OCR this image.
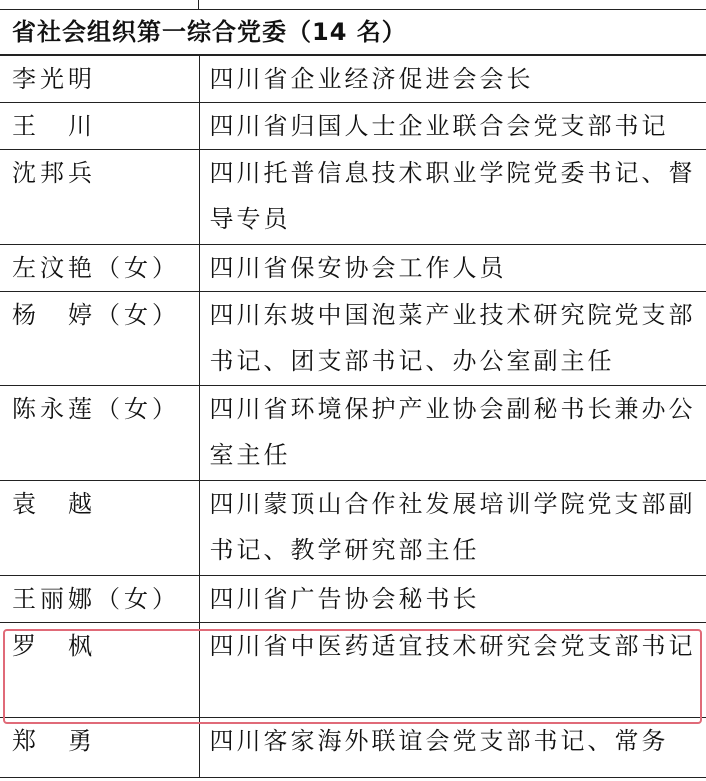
省社会组织第一综合党委（14 名）
李光明	四川省企业经济促进会会长
王　川	四川省归国人士企业联合会党支部书记
沈邦兵	四川托普信息技术职业学院党委书记、督导专员
左汶艳（女）	四川省保安协会工作人员
杨　婷（女）	四川东坡中国泡菜产业技术研究院党支部书记、团支部书记、办公室副主任
陈永莲（女）	四川省环境保护产业协会副秘书长兼办公室主任
袁　越	四川蒙顶山合作社发展培训学院党支部副书记、教学研究部主任
王丽娜（女）	四川省广告协会秘书长
罗　枫	四川省中医药适宜技术研究会党支部书记
郑　勇	四川客家海外联谊会党支部书记、常务
